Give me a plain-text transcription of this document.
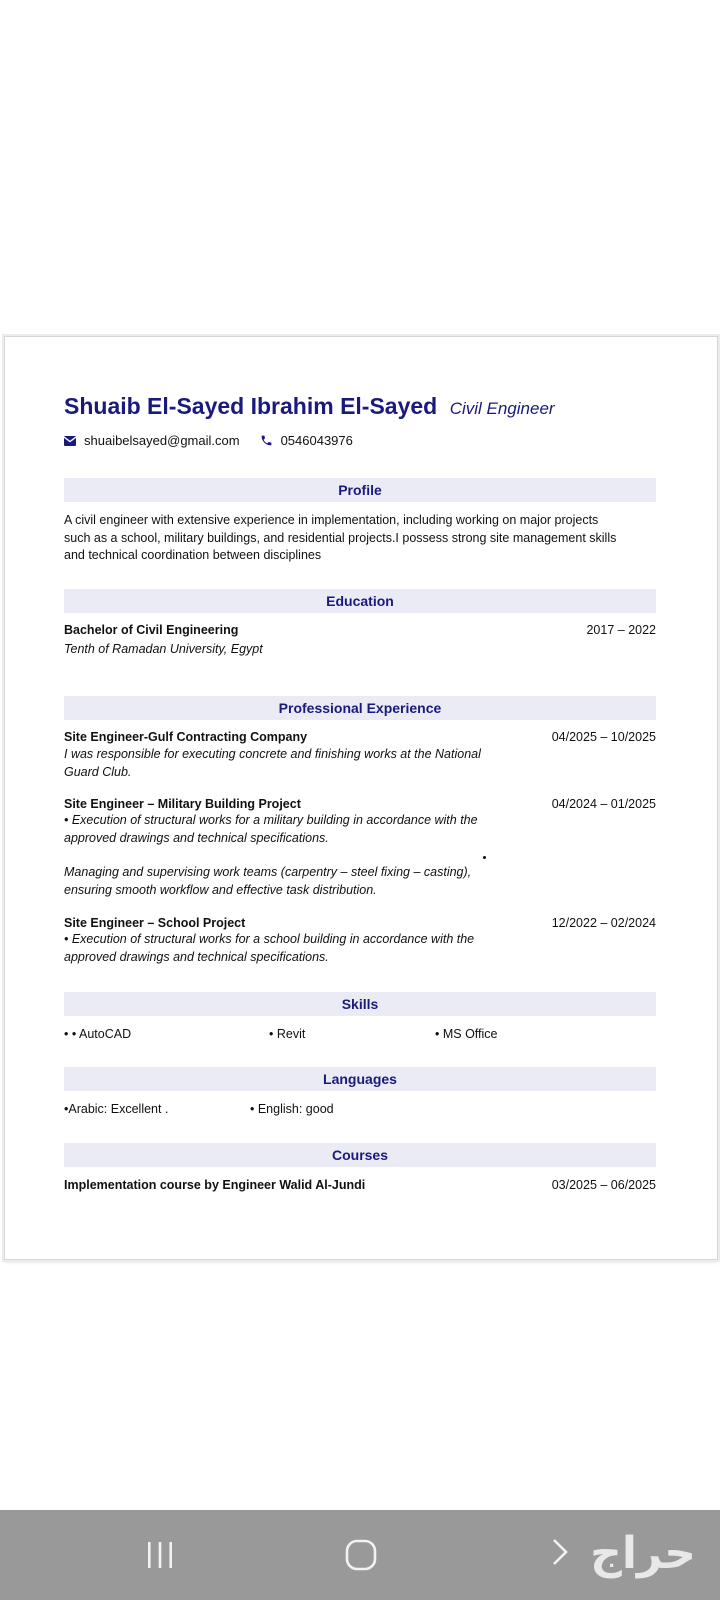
Shuaib El-Sayed Ibrahim El-Sayed Civil Engineer
shuaibelsayed@gmail.com	0546043976
Profile
A civil engineer with extensive experience in implementation, including working on major projects such as a school, military buildings, and residential projects.I possess strong site management skills and technical coordination between disciplines
Education
Bachelor of Civil Engineering	2017 – 2022
Tenth of Ramadan University, Egypt
Professional Experience
Site Engineer-Gulf Contracting Company	04/2025 – 10/2025
I was responsible for executing concrete and finishing works at the National Guard Club.
Site Engineer – Military Building Project	04/2024 – 01/2025
• Execution of structural works for a military building in accordance with the approved drawings and technical specifications.
Managing and supervising work teams (carpentry – steel fixing – casting), ensuring smooth workflow and effective task distribution.
Site Engineer – School Project	12/2022 – 02/2024
• Execution of structural works for a school building in accordance with the approved drawings and technical specifications.
Skills
• • AutoCAD	• Revit	• MS Office
Languages
•Arabic: Excellent .	• English: good
Courses
Implementation course by Engineer Walid Al-Jundi	03/2025 – 06/2025
حراج
